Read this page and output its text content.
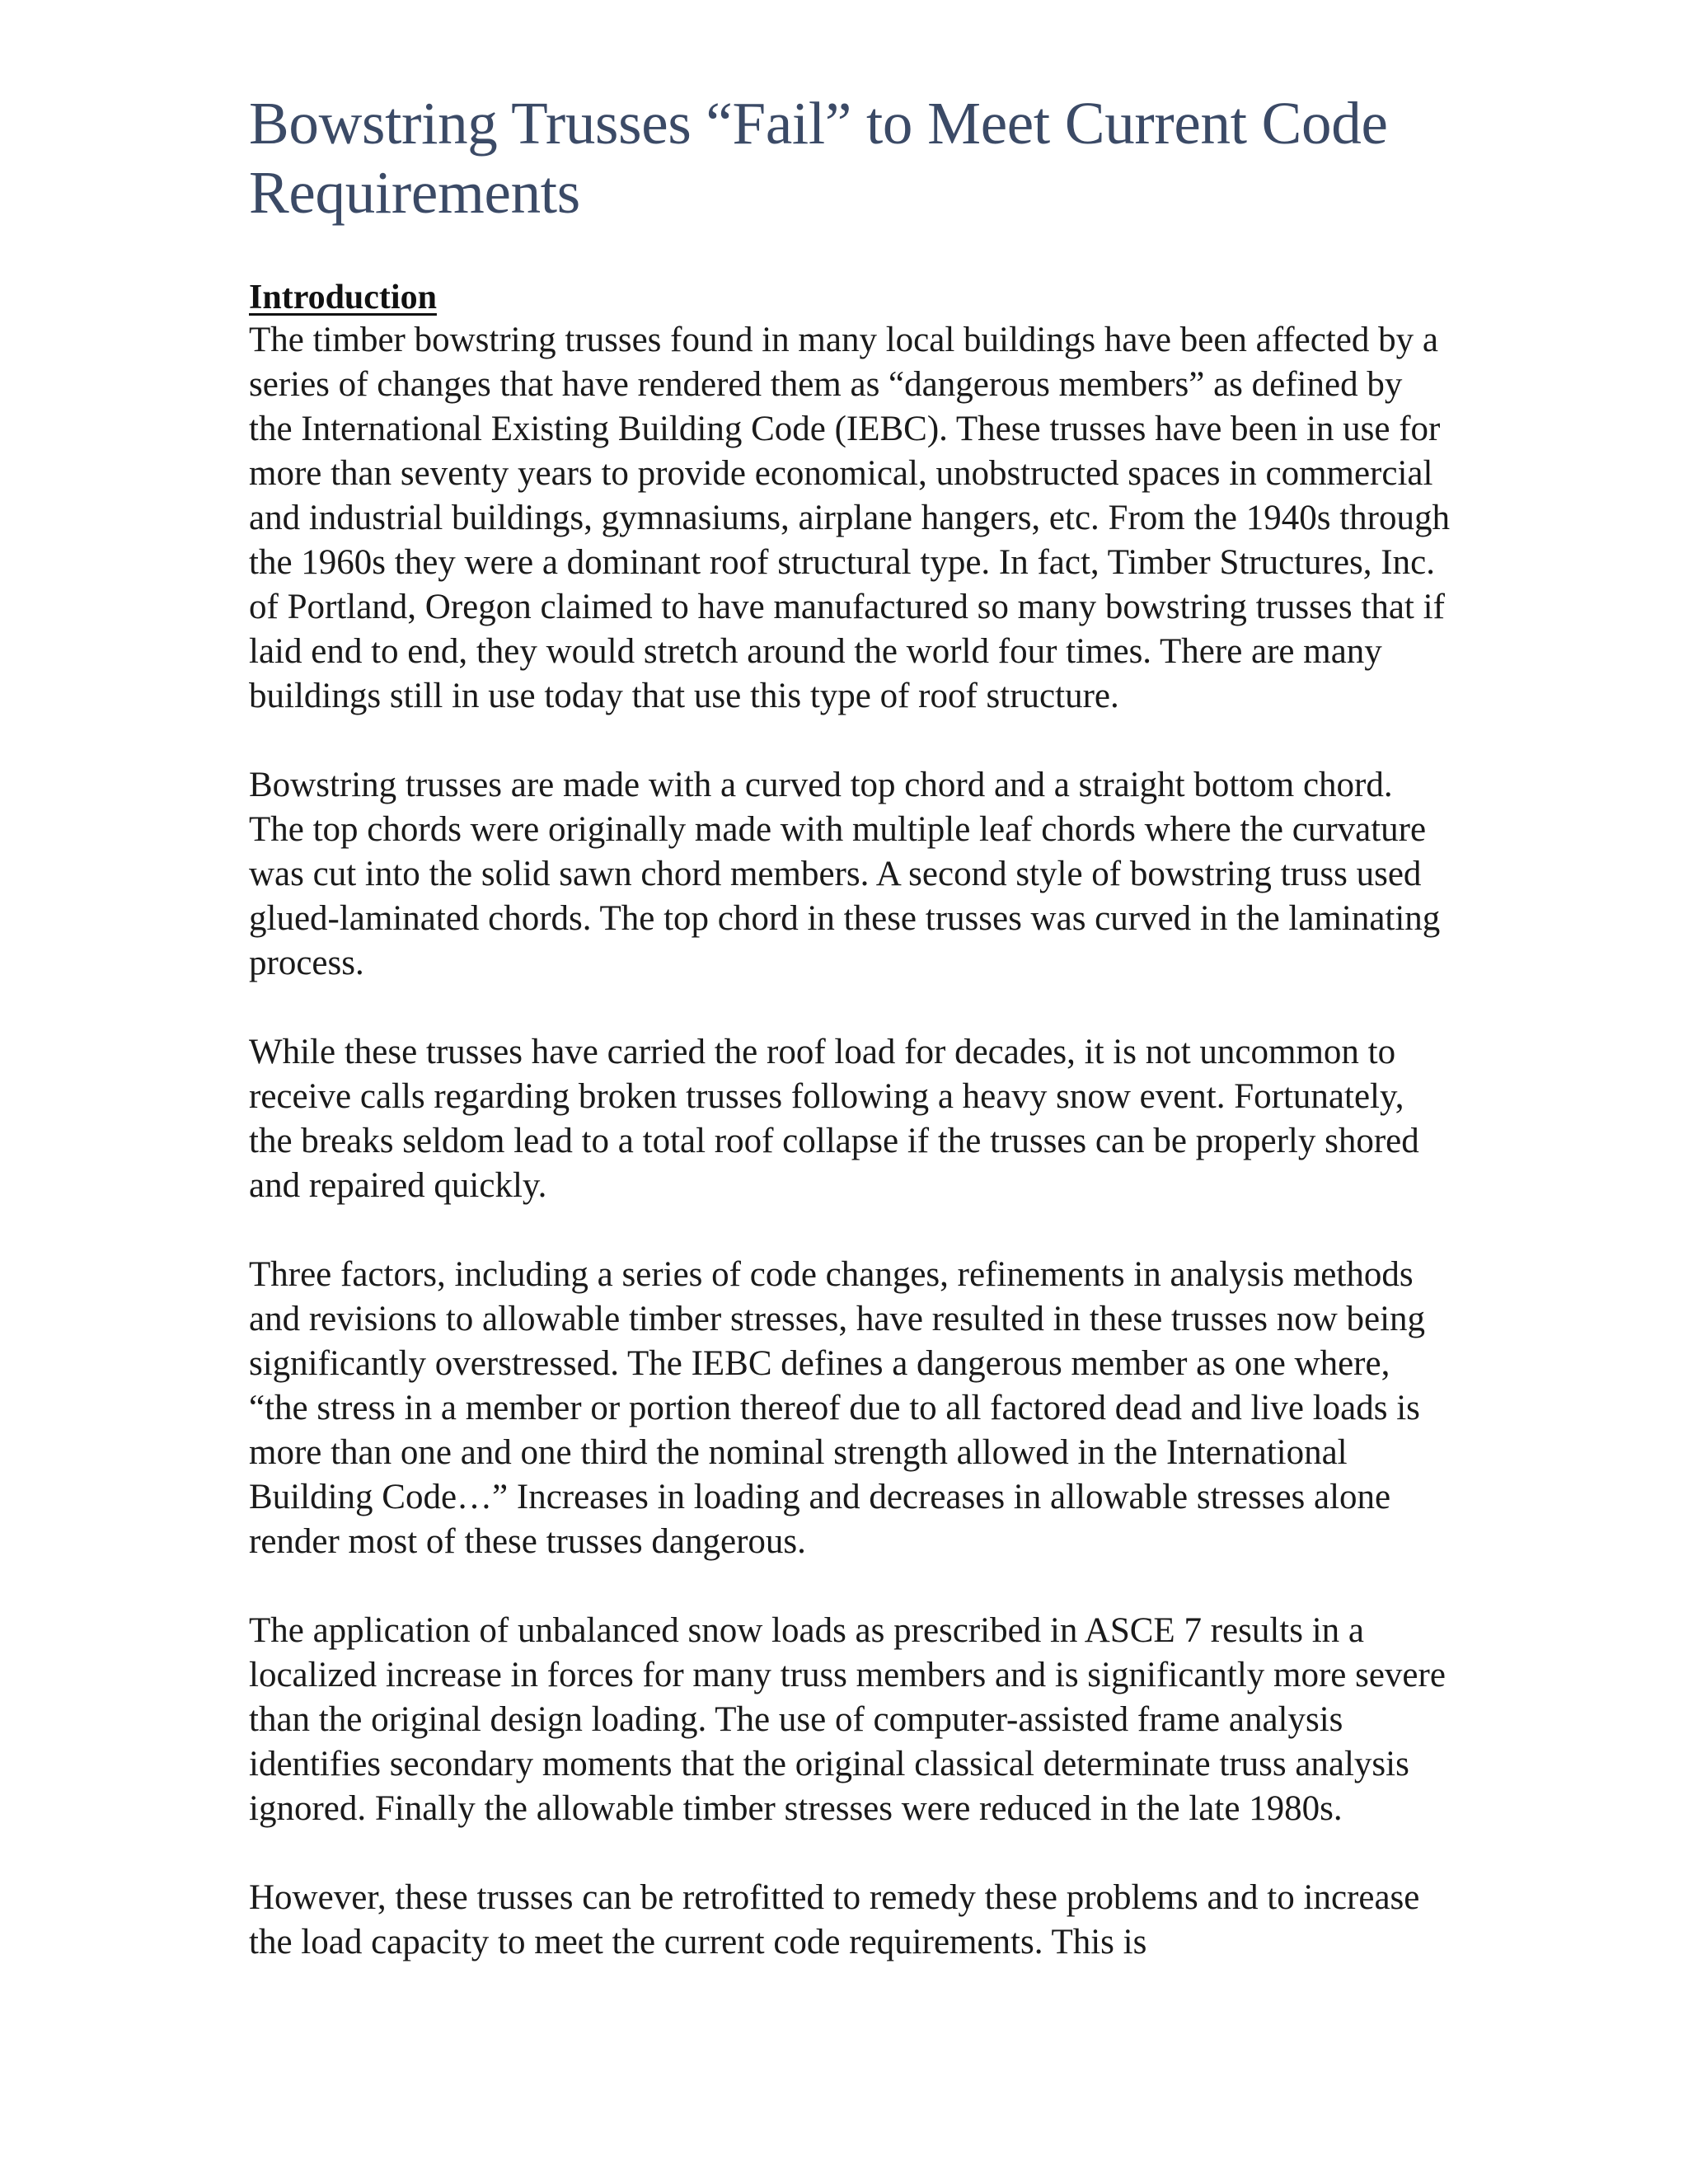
Bowstring Trusses “Fail” to Meet Current Code Requirements
Introduction

The timber bowstring trusses found in many local buildings have been affected by a series of changes that have rendered them as “dangerous members” as defined by the International Existing Building Code (IEBC). These trusses have been in use for more than seventy years to provide economical, unobstructed spaces in commercial and industrial buildings, gymnasiums, airplane hangers, etc. From the 1940s through the 1960s they were a dominant roof structural type. In fact, Timber Structures, Inc. of Portland, Oregon claimed to have manufactured so many bowstring trusses that if laid end to end, they would stretch around the world four times. There are many buildings still in use today that use this type of roof structure.

Bowstring trusses are made with a curved top chord and a straight bottom chord. The top chords were originally made with multiple leaf chords where the curvature was cut into the solid sawn chord members. A second style of bowstring truss used glued-laminated chords. The top chord in these trusses was curved in the laminating process.

While these trusses have carried the roof load for decades, it is not uncommon to receive calls regarding broken trusses following a heavy snow event. Fortunately, the breaks seldom lead to a total roof collapse if the trusses can be properly shored and repaired quickly.

Three factors, including a series of code changes, refinements in analysis methods and revisions to allowable timber stresses, have resulted in these trusses now being significantly overstressed. The IEBC defines a dangerous member as one where, “the stress in a member or portion thereof due to all factored dead and live loads is more than one and one third the nominal strength allowed in the International Building Code…” Increases in loading and decreases in allowable stresses alone render most of these trusses dangerous.

The application of unbalanced snow loads as prescribed in ASCE 7 results in a localized increase in forces for many truss members and is significantly more severe than the original design loading. The use of computer-assisted frame analysis identifies secondary moments that the original classical determinate truss analysis ignored. Finally the allowable timber stresses were reduced in the late 1980s.

However, these trusses can be retrofitted to remedy these problems and to increase the load capacity to meet the current code requirements. This is
